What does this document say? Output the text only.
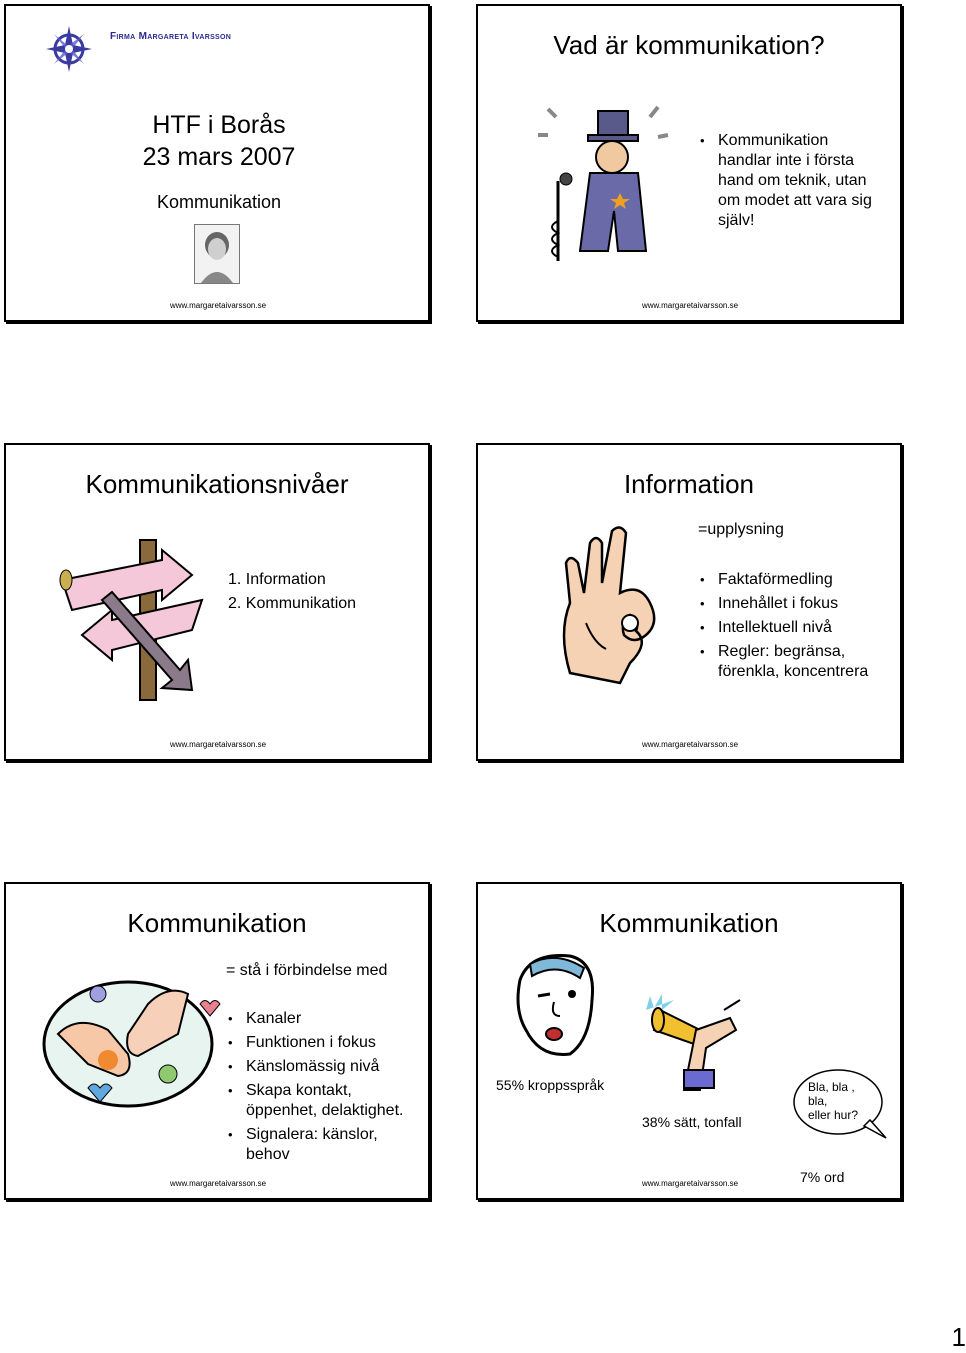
Firma Margareta Ivarsson
HTF i Borås
23 mars 2007
Kommunikation
www.margaretaivarsson.se
Vad är kommunikation?
• Kommunikation handlar inte i första hand om teknik, utan om modet att vara sig själv!
www.margaretaivarsson.se
Kommunikationsnivåer
1. Information
2. Kommunikation
www.margaretaivarsson.se
Information
=upplysning
• Faktaförmedling
• Innehållet i fokus
• Intellektuell nivå
• Regler: begränsa, förenkla, koncentrera
www.margaretaivarsson.se
Kommunikation
= stå i förbindelse med
• Kanaler
• Funktionen i fokus
• Känslomässig nivå
• Skapa kontakt, öppenhet, delaktighet.
• Signalera: känslor, behov
www.margaretaivarsson.se
Kommunikation
55% kroppsspråk
38% sätt, tonfall
Bla, bla ,
bla,
eller hur?
7% ord
www.margaretaivarsson.se
1
